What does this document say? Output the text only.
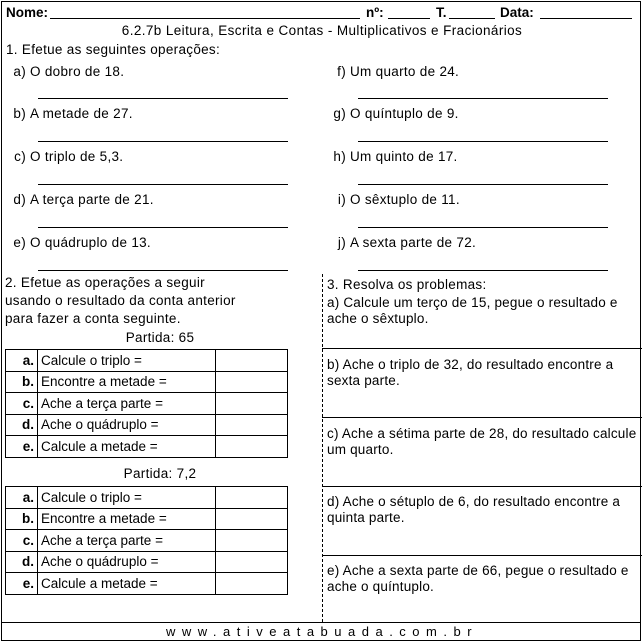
Nome:	nº:	T.	Data:
6.2.7b Leitura, Escrita e Contas - Multiplicativos e Fracionários
1. Efetue as seguintes operações:
a) O dobro de 18.
b) A metade de 27.
c) O triplo de 5,3.
d) A terça parte de 21.
e) O quádruplo de 13.
f) Um quarto de 24.
g) O quíntuplo de 9.
h) Um quinto de 17.
i) O sêxtuplo de 11.
j) A sexta parte de 72.
2. Efetue as operações a seguir
usando o resultado da conta anterior
para fazer a conta seguinte.
Partida: 65
a.	Calcule o triplo =	
b.	Encontre a metade =	
c.	Ache a terça parte =	
d.	Ache o quádruplo =	
e.	Calcule a metade =	
Partida: 7,2
a.	Calcule o triplo =	
b.	Encontre a metade =	
c.	Ache a terça parte =	
d.	Ache o quádruplo =	
e.	Calcule a metade =	
3. Resolva os problemas:
a) Calcule um terço de 15, pegue o resultado e ache o sêxtuplo.
b) Ache o triplo de 32, do resultado encontre a sexta parte.
c) Ache a sétima parte de 28, do resultado calcule um quarto.
d) Ache o sétuplo de 6, do resultado encontre a quinta parte.
e) Ache a sexta parte de 66, pegue o resultado e ache o quíntuplo.
www.ativeatabuada.com.br
